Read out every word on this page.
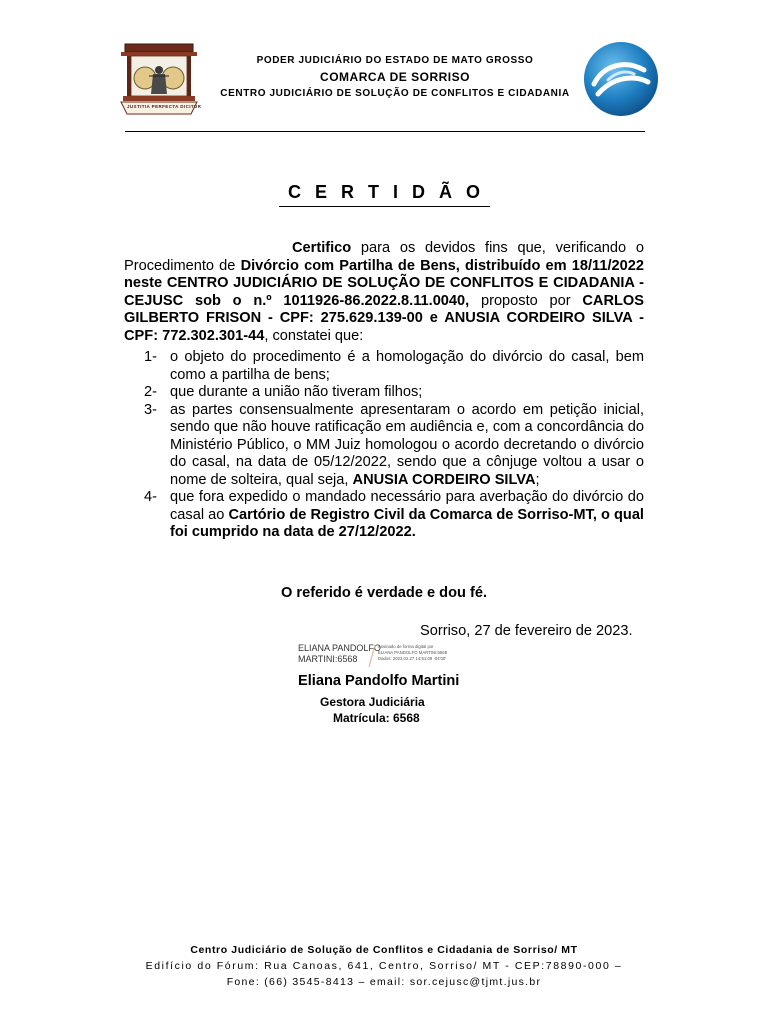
JUSTITIA PERFECTA DICITUR
PODER JUDICIÁRIO DO ESTADO DE MATO GROSSO
COMARCA DE SORRISO
CENTRO JUDICIÁRIO DE SOLUÇÃO DE CONFLITOS E CIDADANIA
CERTIDÃO
Certifico para os devidos fins que, verificando o Procedimento de Divórcio com Partilha de Bens, distribuído em 18/11/2022 neste CENTRO JUDICIÁRIO DE SOLUÇÃO DE CONFLITOS E CIDADANIA - CEJUSC sob o n.º 1011926-86.2022.8.11.0040, proposto por CARLOS GILBERTO FRISON - CPF: 275.629.139-00 e ANUSIA CORDEIRO SILVA - CPF: 772.302.301-44, constatei que:
1- o objeto do procedimento é a homologação do divórcio do casal, bem como a partilha de bens;
2- que durante a união não tiveram filhos;
3- as partes consensualmente apresentaram o acordo em petição inicial, sendo que não houve ratificação em audiência e, com a concordância do Ministério Público, o MM Juiz homologou o acordo decretando o divórcio do casal, na data de 05/12/2022, sendo que a cônjuge voltou a usar o nome de solteira, qual seja, ANUSIA CORDEIRO SILVA;
4- que fora expedido o mandado necessário para averbação do divórcio do casal ao Cartório de Registro Civil da Comarca de Sorriso-MT, o qual foi cumprido na data de 27/12/2022.
O referido é verdade e dou fé.
Sorriso, 27 de fevereiro de 2023.
ELIANA PANDOLFO
MARTINI:6568
Assinado de forma digital por
ELIANA PANDOLFO MARTINI:6568
Dados: 2023.02.27 14:51:09 -04'00'
Eliana Pandolfo Martini
Gestora Judiciária
Matrícula: 6568
Centro Judiciário de Solução de Conflitos e Cidadania de Sorriso/ MT
Edifício do Fórum: Rua Canoas, 641, Centro, Sorriso/ MT - CEP:78890-000 –
Fone: (66) 3545-8413 – email: sor.cejusc@tjmt.jus.br
